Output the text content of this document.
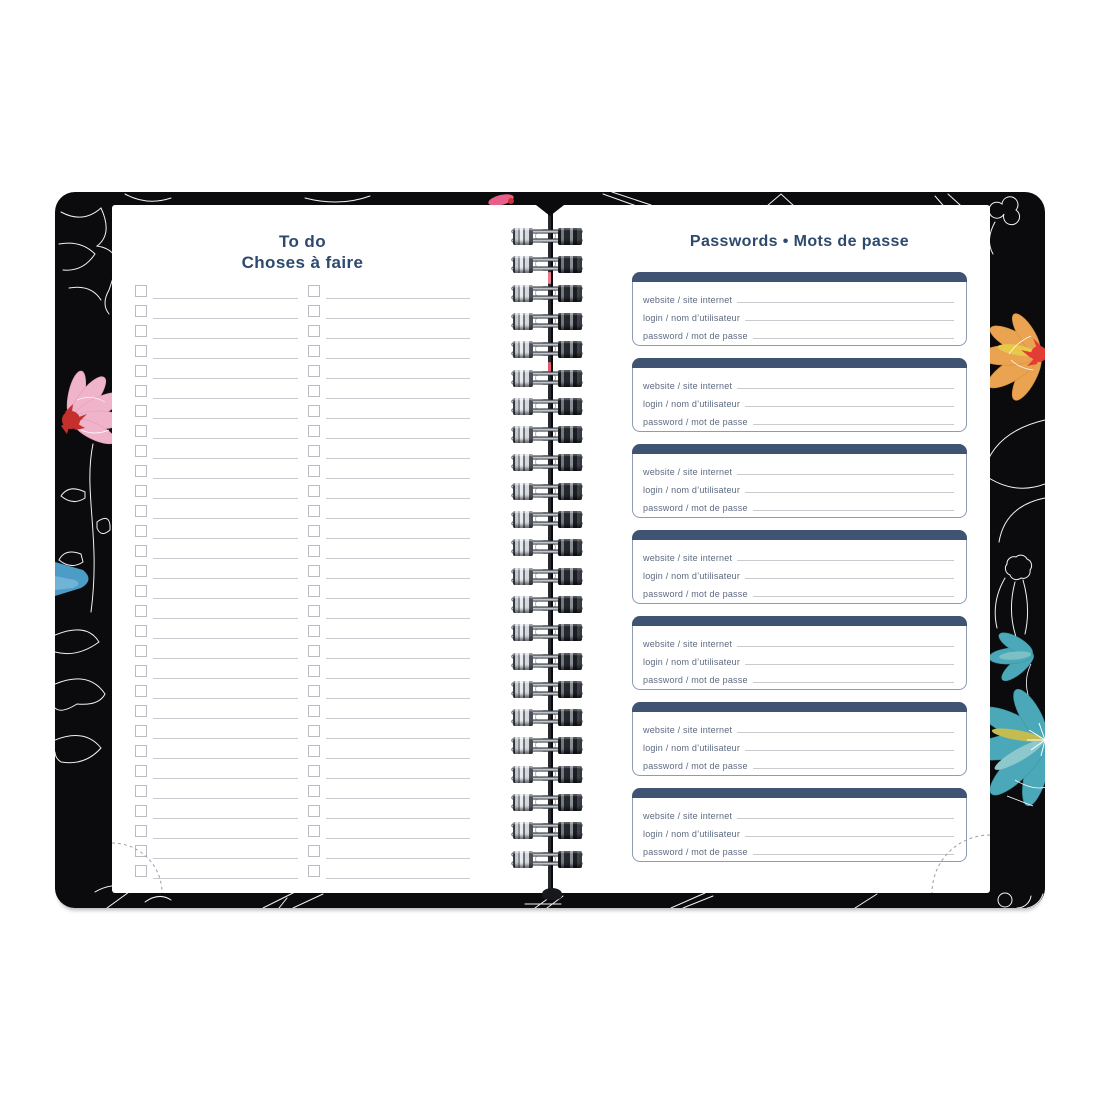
To do
Choses à faire
Passwords • Mots de passe
website / site internet
login / nom d’utilisateur
password / mot de passe
website / site internet
login / nom d’utilisateur
password / mot de passe
website / site internet
login / nom d’utilisateur
password / mot de passe
website / site internet
login / nom d’utilisateur
password / mot de passe
website / site internet
login / nom d’utilisateur
password / mot de passe
website / site internet
login / nom d’utilisateur
password / mot de passe
website / site internet
login / nom d’utilisateur
password / mot de passe
